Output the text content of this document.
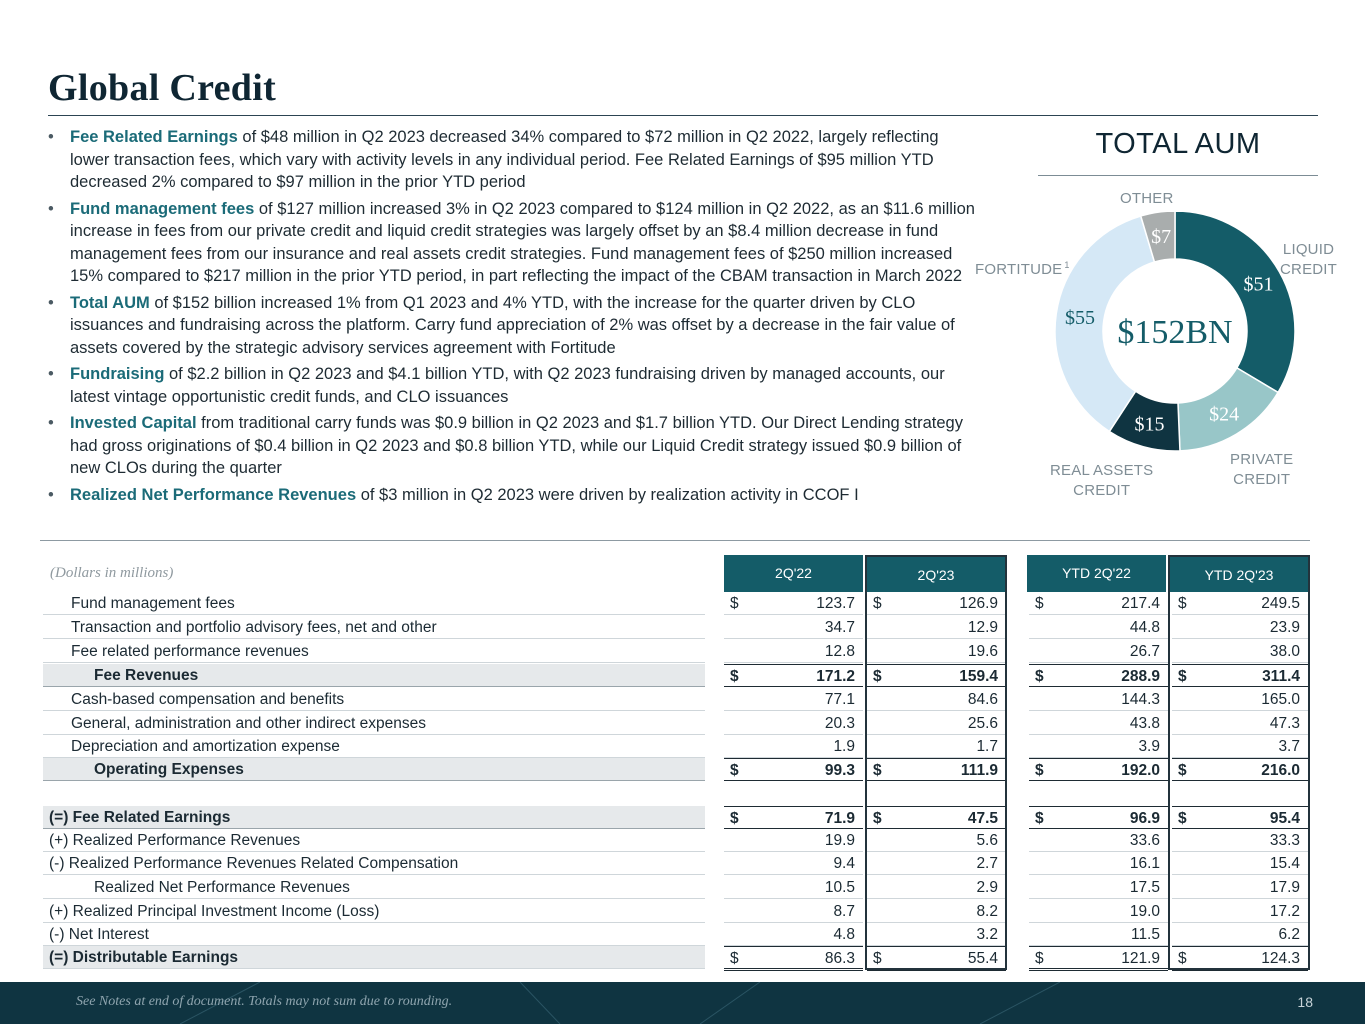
Global Credit
• Fee Related Earnings of $48 million in Q2 2023 decreased 34% compared to $72 million in Q2 2022, largely reflecting lower transaction fees, which vary with activity levels in any individual period. Fee Related Earnings of $95 million YTD decreased 2% compared to $97 million in the prior YTD period
• Fund management fees of $127 million increased 3% in Q2 2023 compared to $124 million in Q2 2022, as an $11.6 million increase in fees from our private credit and liquid credit strategies was largely offset by an $8.4 million decrease in fund management fees from our insurance and real assets credit strategies. Fund management fees of $250 million increased 15% compared to $217 million in the prior YTD period, in part reflecting the impact of the CBAM transaction in March 2022
• Total AUM of $152 billion increased 1% from Q1 2023 and 4% YTD, with the increase for the quarter driven by CLO issuances and fundraising across the platform. Carry fund appreciation of 2% was offset by a decrease in the fair value of assets covered by the strategic advisory services agreement with Fortitude
• Fundraising of $2.2 billion in Q2 2023 and $4.1 billion YTD, with Q2 2023 fundraising driven by managed accounts, our latest vintage opportunistic credit funds, and CLO issuances
• Invested Capital from traditional carry funds was $0.9 billion in Q2 2023 and $1.7 billion YTD. Our Direct Lending strategy had gross originations of $0.4 billion in Q2 2023 and $0.8 billion YTD, while our Liquid Credit strategy issued $0.9 billion of new CLOs during the quarter
• Realized Net Performance Revenues of $3 million in Q2 2023 were driven by realization activity in CCOF I
TOTAL AUM
$51
$24
$15
$55
$7
$152BN
OTHER
FORTITUDE $^1$
LIQUID
CREDIT
PRIVATE
CREDIT
REAL ASSETS
CREDIT
(Dollars in millions)	2Q'22	2Q'23	YTD 2Q'22	YTD 2Q'23
Fund management fees	$	123.7	$	126.9	$	217.4	$	249.5
Transaction and portfolio advisory fees, net and other	34.7	12.9	44.8	23.9
Fee related performance revenues	12.8	19.6	26.7	38.0
Fee Revenues	$	171.2	$	159.4	$	288.9	$	311.4
Cash-based compensation and benefits	77.1	84.6	144.3	165.0
General, administration and other indirect expenses	20.3	25.6	43.8	47.3
Depreciation and amortization expense	1.9	1.7	3.9	3.7
Operating Expenses	$	99.3	$	111.9	$	192.0	$	216.0
(=) Fee Related Earnings	$	71.9	$	47.5	$	96.9	$	95.4
(+) Realized Performance Revenues	19.9	5.6	33.6	33.3
(-) Realized Performance Revenues Related Compensation	9.4	2.7	16.1	15.4
Realized Net Performance Revenues	10.5	2.9	17.5	17.9
(+) Realized Principal Investment Income (Loss)	8.7	8.2	19.0	17.2
(-) Net Interest	4.8	3.2	11.5	6.2
(=) Distributable Earnings	$	86.3	$	55.4	$	121.9	$	124.3
See Notes at end of document. Totals may not sum due to rounding.	18
